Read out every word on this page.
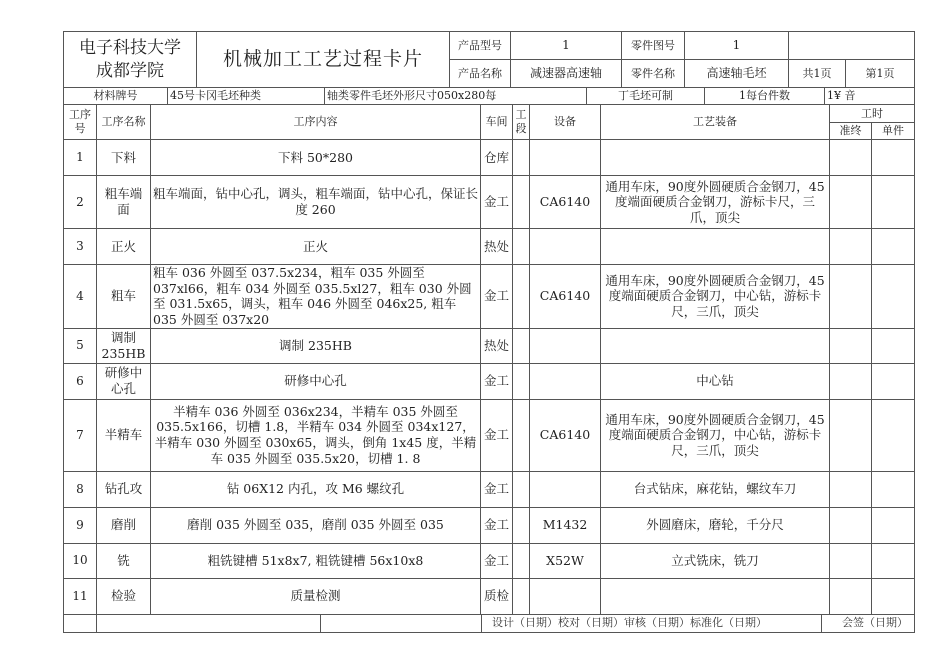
电子科技大学
成都学院	机械加工工艺过程卡片	产品型号	1	零件图号	1		
		产品名称	减速器高速轴	零件名称	高速轴毛坯	共1页	第1页
材料牌号	45号卡冈毛坯种类	轴类零件毛坯外形尺寸050x280每	丁毛坯可制	1每台件数	1¥ 音
工序号	工序名称	工序内容	车间	工段	设备	工艺装备	工时	
							准终	单件
1	下料	下料 50*280	仓库					
2	粗车端面	粗车端面，钻中心孔，调头，粗车端面，钻中心孔，保证长度 260	金工		CA6140	通用车床，90度外圆硬质合金钢刀，45度端面硬质合金钢刀，游标卡尺，三爪，顶尖		
3	正火	正火	热处					
4	粗车	粗车 036 外圆至 037.5x234，粗车 035 外圆至 037xl66，粗车 034 外圆至 035.5xl27，粗车 030 外圆至 031.5x65，调头，粗车 046 外圆至 046x25, 粗车 035 外圆至 037x20	金工		CA6140	通用车床，90度外圆硬质合金钢刀，45度端面硬质合金钢刀，中心钻，游标卡尺，三爪，顶尖		
5	调制 235HB	调制 235HB	热处					
6	研修中心孔	研修中心孔	金工			中心钻		
7	半精车	半精车 036 外圆至 036x234，半精车 035 外圆至 035.5x166，切槽 1.8，半精车 034 外圆至 034x127，半精车 030 外圆至 030x65，调头，倒角 1x45 度，半精车 035 外圆至 035.5x20，切槽 1. 8	金工		CA6140	通用车床，90度外圆硬质合金钢刀，45度端面硬质合金钢刀，中心钻，游标卡尺，三爪，顶尖		
8	钻孔攻	钻 06X12 内孔，攻 M6 螺纹孔	金工			台式钻床，麻花钻，螺纹车刀		
9	磨削	磨削 035 外圆至 035，磨削 035 外圆至 035	金工		M1432	外圆磨床，磨轮，千分尺		
10	铣	粗铣键槽 51x8x7, 粗铣键槽 56x10x8	金工		X52W	立式铣床，铣刀		
11	检验	质量检测	质检					
			设计（日期）校对（日期）审核（日期）标准化（日期）	会签（日期）
